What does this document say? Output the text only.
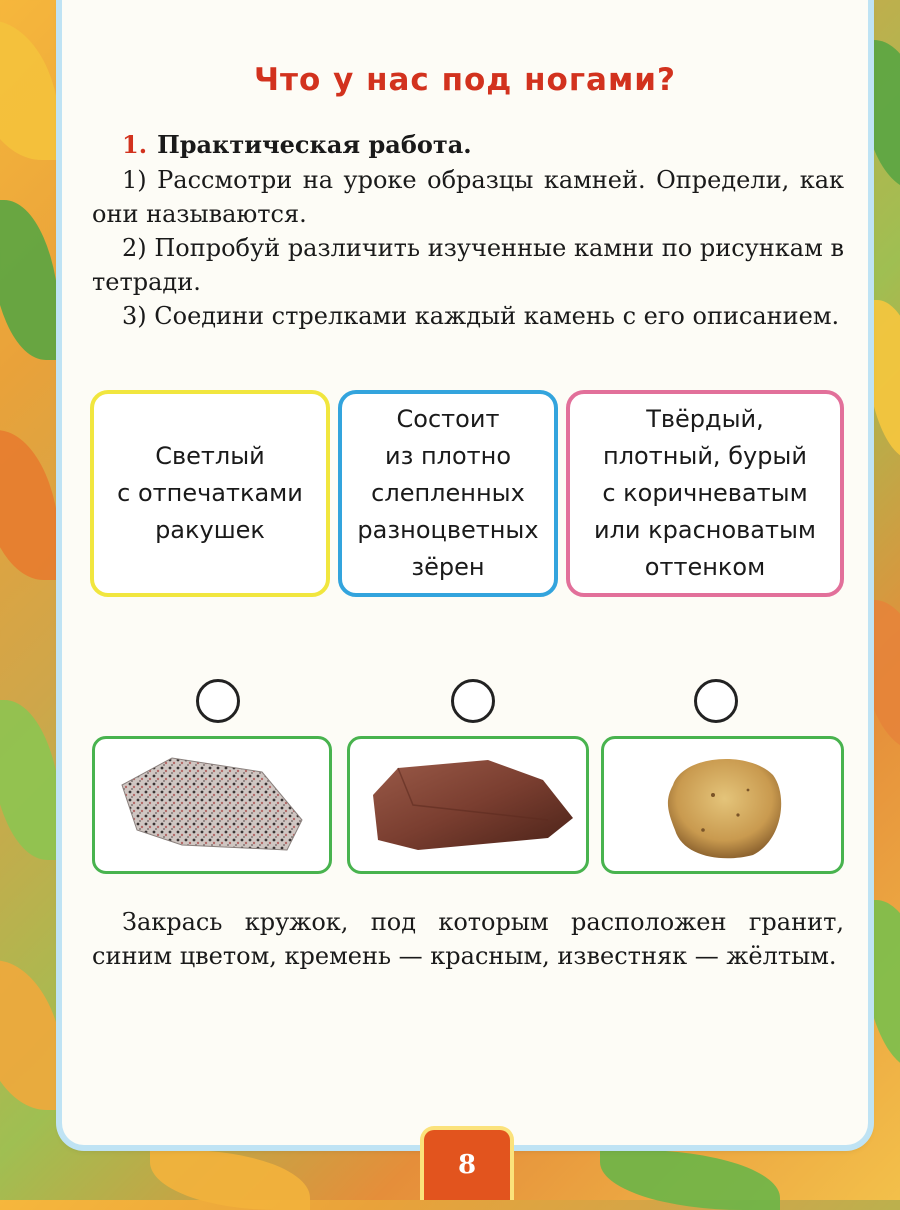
Что у нас под ногами?
1. Практическая работа.
1) Рассмотри на уроке образцы камней. Определи, как они называются.
2) Попробуй различить изученные камни по рисункам в тетради.
3) Соедини стрелками каждый камень с его описанием.
Светлый
с отпечатками
ракушек
Состоит
из плотно
слепленных
разноцветных
зёрен
Твёрдый,
плотный, бурый
с коричневатым
или красноватым
оттенком
Закрась кружок, под которым расположен гранит, синим цветом, кремень — красным, известняк — жёлтым.
8
